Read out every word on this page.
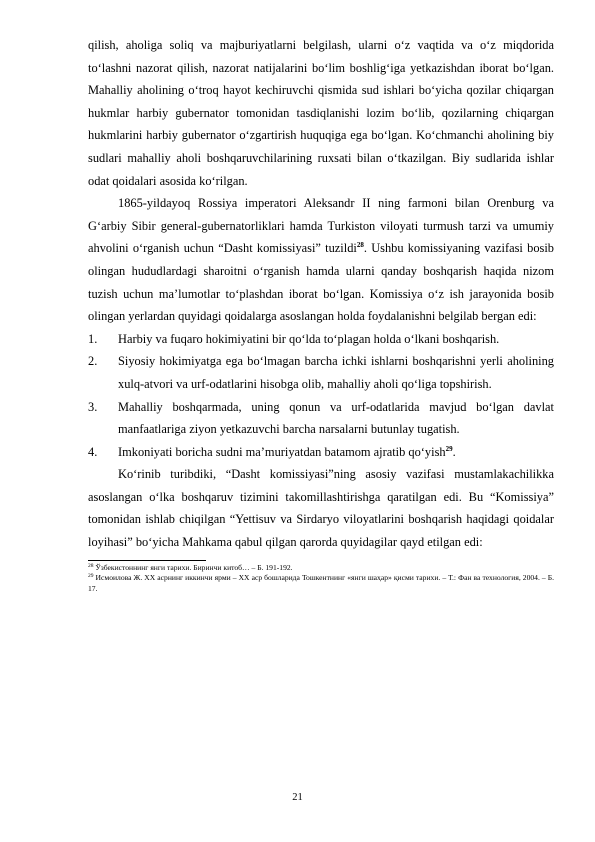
qilish, aholiga soliq va majburiyatlarni belgilash, ularni o‘z vaqtida va o‘z miqdorida to‘lashni nazorat qilish, nazorat natijalarini bo‘lim boshlig‘iga yetkazishdan iborat bo‘lgan. Mahalliy aholining o‘troq hayot kechiruvchi qismida sud ishlari bo‘yicha qozilar chiqargan hukmlar harbiy gubernator tomonidan tasdiqlanishi lozim bo‘lib, qozilarning chiqargan hukmlarini harbiy gubernator o‘zgartirish huquqiga ega bo‘lgan. Ko‘chmanchi aholining biy sudlari mahalliy aholi boshqaruvchilarining ruxsati bilan o‘tkazilgan. Biy sudlarida ishlar odat qoidalari asosida ko‘rilgan.

1865-yildayoq Rossiya imperatori Aleksandr II ning farmoni bilan Orenburg va G‘arbiy Sibir general-gubernatorliklari hamda Turkiston viloyati turmush tarzi va umumiy ahvolini o‘rganish uchun “Dasht komissiyasi” tuzildi$^{28}$. Ushbu komissiyaning vazifasi bosib olingan hududlardagi sharoitni o‘rganish hamda ularni qanday boshqarish haqida nizom tuzish uchun ma’lumotlar to‘plashdan iborat bo‘lgan. Komissiya o‘z ish jarayonida bosib olingan yerlardan quyidagi qoidalarga asoslangan holda foydalanishni belgilab bergan edi:

1.	Harbiy va fuqaro hokimiyatini bir qo‘lda to‘plagan holda o‘lkani boshqarish.
2.	Siyosiy hokimiyatga ega bo‘lmagan barcha ichki ishlarni boshqarishni yerli aholining xulq-atvori va urf-odatlarini hisobga olib, mahalliy aholi qo‘liga topshirish.
3.	Mahalliy boshqarmada, uning qonun va urf-odatlarida mavjud bo‘lgan davlat manfaatlariga ziyon yetkazuvchi barcha narsalarni butunlay tugatish.
4.	Imkoniyati boricha sudni ma’muriyatdan batamom ajratib qo‘yish$^{29}$.

Ko‘rinib turibdiki, “Dasht komissiyasi”ning asosiy vazifasi mustamlakachilikka asoslangan o‘lka boshqaruv tizimini takomillashtirishga qaratilgan edi. Bu “Komissiya” tomonidan ishlab chiqilgan “Yettisuv va Sirdaryo viloyatlarini boshqarish haqidagi qoidalar loyihasi” bo‘yicha Mahkama qabul qilgan qarorda quyidagilar qayd etilgan edi:

$^{28}$ Ўзбекистоннинг янги тарихи. Биринчи китоб… – Б. 191-192.

$^{29}$ Исмоилова Ж. ХХ асрнинг иккинчи ярми – ХХ аср бошларида Тошкентнинг «янги шаҳар» қисми тарихи. – Т.: Фан ва технология, 2004. – Б. 17.

21
